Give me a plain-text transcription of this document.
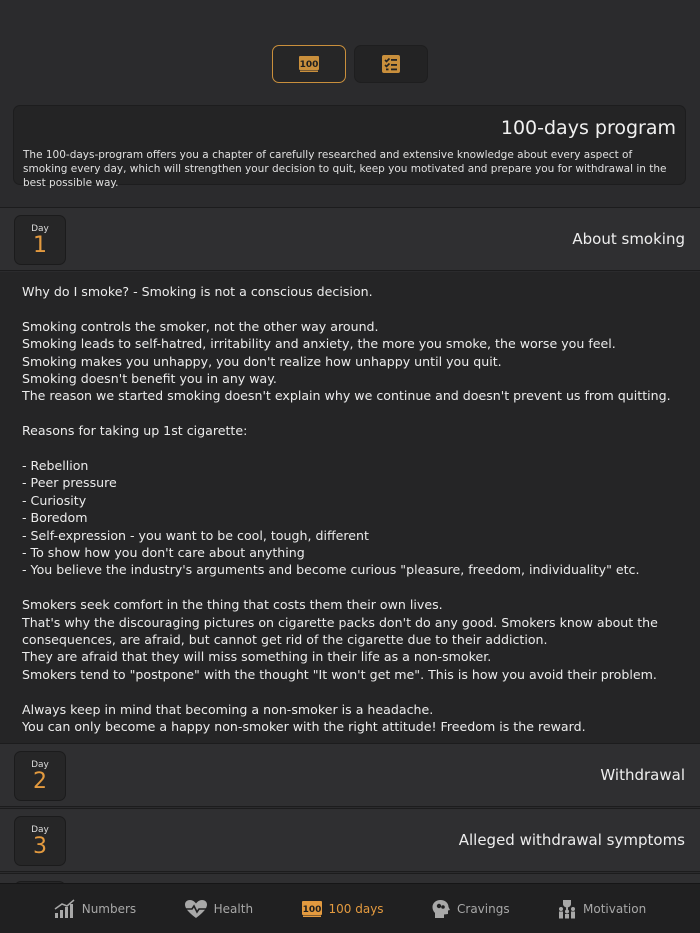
100
100-days program

The 100-days-program offers you a chapter of carefully researched and extensive knowledge about every aspect of smoking every day, which will strengthen your decision to quit, keep you motivated and prepare you for withdrawal in the best possible way.

Day
1	About smoking

Why do I smoke? - Smoking is not a conscious decision.

Smoking controls the smoker, not the other way around.
Smoking leads to self-hatred, irritability and anxiety, the more you smoke, the worse you feel.
Smoking makes you unhappy, you don't realize how unhappy until you quit.
Smoking doesn't benefit you in any way.
The reason we started smoking doesn't explain why we continue and doesn't prevent us from quitting.

Reasons for taking up 1st cigarette:

- Rebellion
- Peer pressure
- Curiosity
- Boredom
- Self-expression - you want to be cool, tough, different
- To show how you don't care about anything
- You believe the industry's arguments and become curious "pleasure, freedom, individuality" etc.

Smokers seek comfort in the thing that costs them their own lives.
That's why the discouraging pictures on cigarette packs don't do any good. Smokers know about the consequences, are afraid, but cannot get rid of the cigarette due to their addiction.
They are afraid that they will miss something in their life as a non-smoker.
Smokers tend to "postpone" with the thought "It won't get me". This is how you avoid their problem.

Always keep in mind that becoming a non-smoker is a headache.
You can only become a happy non-smoker with the right attitude! Freedom is the reward.

Day
2	Withdrawal
Day
3	Alleged withdrawal symptoms
Numbers	Health	100 100 days	Cravings	Motivation
